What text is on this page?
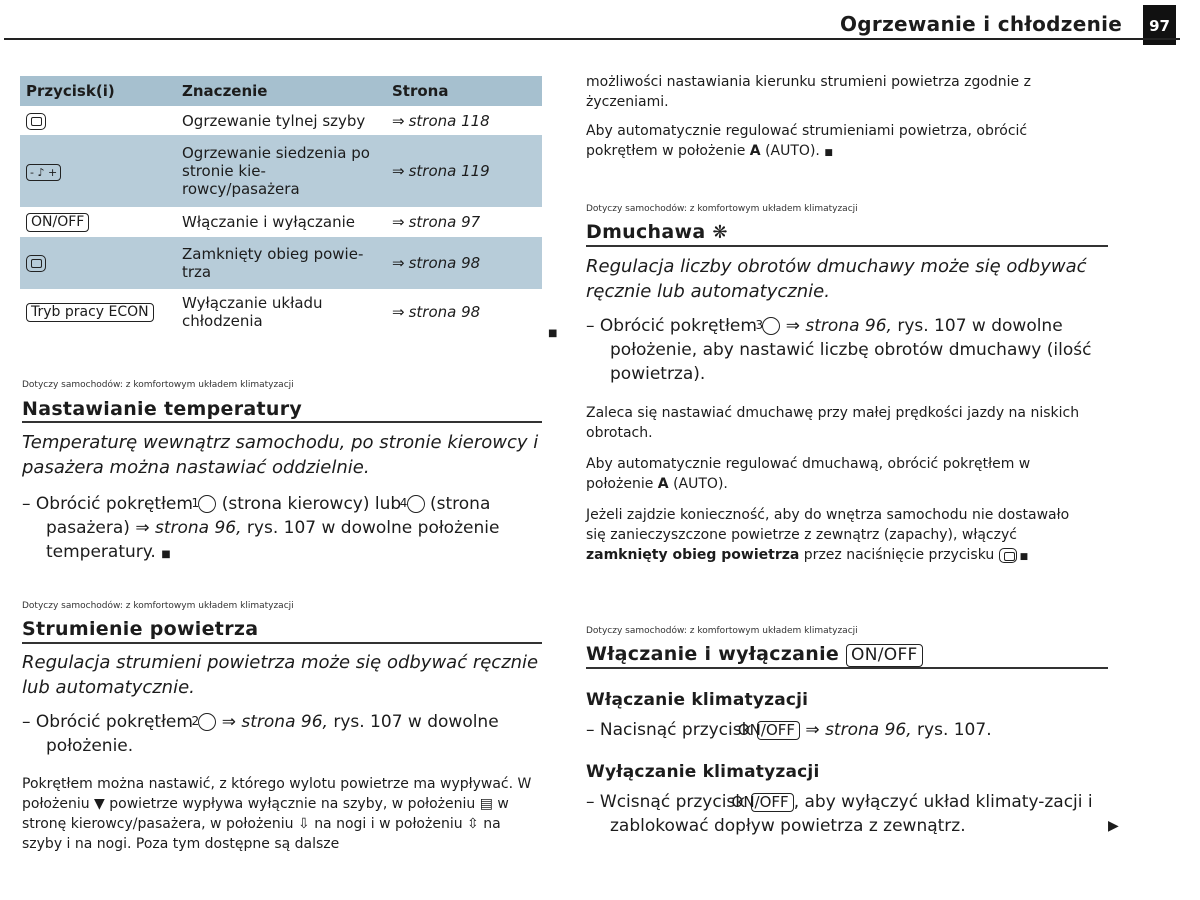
Ogrzewanie i chłodzenie	97
Przycisk(i)	Znaczenie	Strona
	Ogrzewanie tylnej szyby	⇒ strona 118
- ♪ +	Ogrzewanie siedzenia po stronie kie-rowcy/pasażera	⇒ strona 119
ON/OFF	Włączanie i wyłączanie	⇒ strona 97
	Zamknięty obieg powie-trza	⇒ strona 98
Tryb pracy ECON	Wyłączanie układu chłodzenia	⇒ strona 98
■
Dotyczy samochodów: z komfortowym układem klimatyzacji
Nastawianie temperatury
Temperaturę wewnątrz samochodu, po stronie kierowcy i pasażera można nastawiać oddzielnie.
– Obrócić pokrętłem 1 (strona kierowcy) lub 4 (strona pasażera) ⇒ strona 96, rys. 107 w dowolne położenie temperatury. ■
Dotyczy samochodów: z komfortowym układem klimatyzacji
Strumienie powietrza
Regulacja strumieni powietrza może się odbywać ręcznie lub automatycznie.
– Obrócić pokrętłem 2 ⇒ strona 96, rys. 107 w dowolne położenie.
Pokrętłem można nastawić, z którego wylotu powietrze ma wypływać. W położeniu ▼ powietrze wypływa wyłącznie na szyby, w położeniu ▤ w stronę kierowcy/pasażera, w położeniu ⇩ na nogi i w położeniu ⇳ na szyby i na nogi. Poza tym dostępne są dalsze
możliwości nastawiania kierunku strumieni powietrza zgodnie z życzeniami.
Aby automatycznie regulować strumieniami powietrza, obrócić pokrętłem w położenie A (AUTO). ■
Dotyczy samochodów: z komfortowym układem klimatyzacji
Dmuchawa ❋
Regulacja liczby obrotów dmuchawy może się odbywać ręcznie lub automatycznie.
– Obrócić pokrętłem 3 ⇒ strona 96, rys. 107 w dowolne położenie, aby nastawić liczbę obrotów dmuchawy (ilość powietrza).
Zaleca się nastawiać dmuchawę przy małej prędkości jazdy na niskich obrotach.
Aby automatycznie regulować dmuchawą, obrócić pokrętłem w położenie A (AUTO).
Jeżeli zajdzie konieczność, aby do wnętrza samochodu nie dostawało się zanieczyszczone powietrze z zewnątrz (zapachy), włączyć zamknięty obieg powietrza przez naciśnięcie przycisku  ■
Dotyczy samochodów: z komfortowym układem klimatyzacji
Włączanie i wyłączanie ON/OFF
Włączanie klimatyzacji
– Nacisnąć przycisk ON/OFF ⇒ strona 96, rys. 107.
Wyłączanie klimatyzacji
– Wcisnąć przycisk ON/OFF , aby wyłączyć układ klimaty-zacji i zablokować dopływ powietrza z zewnątrz.	▶
